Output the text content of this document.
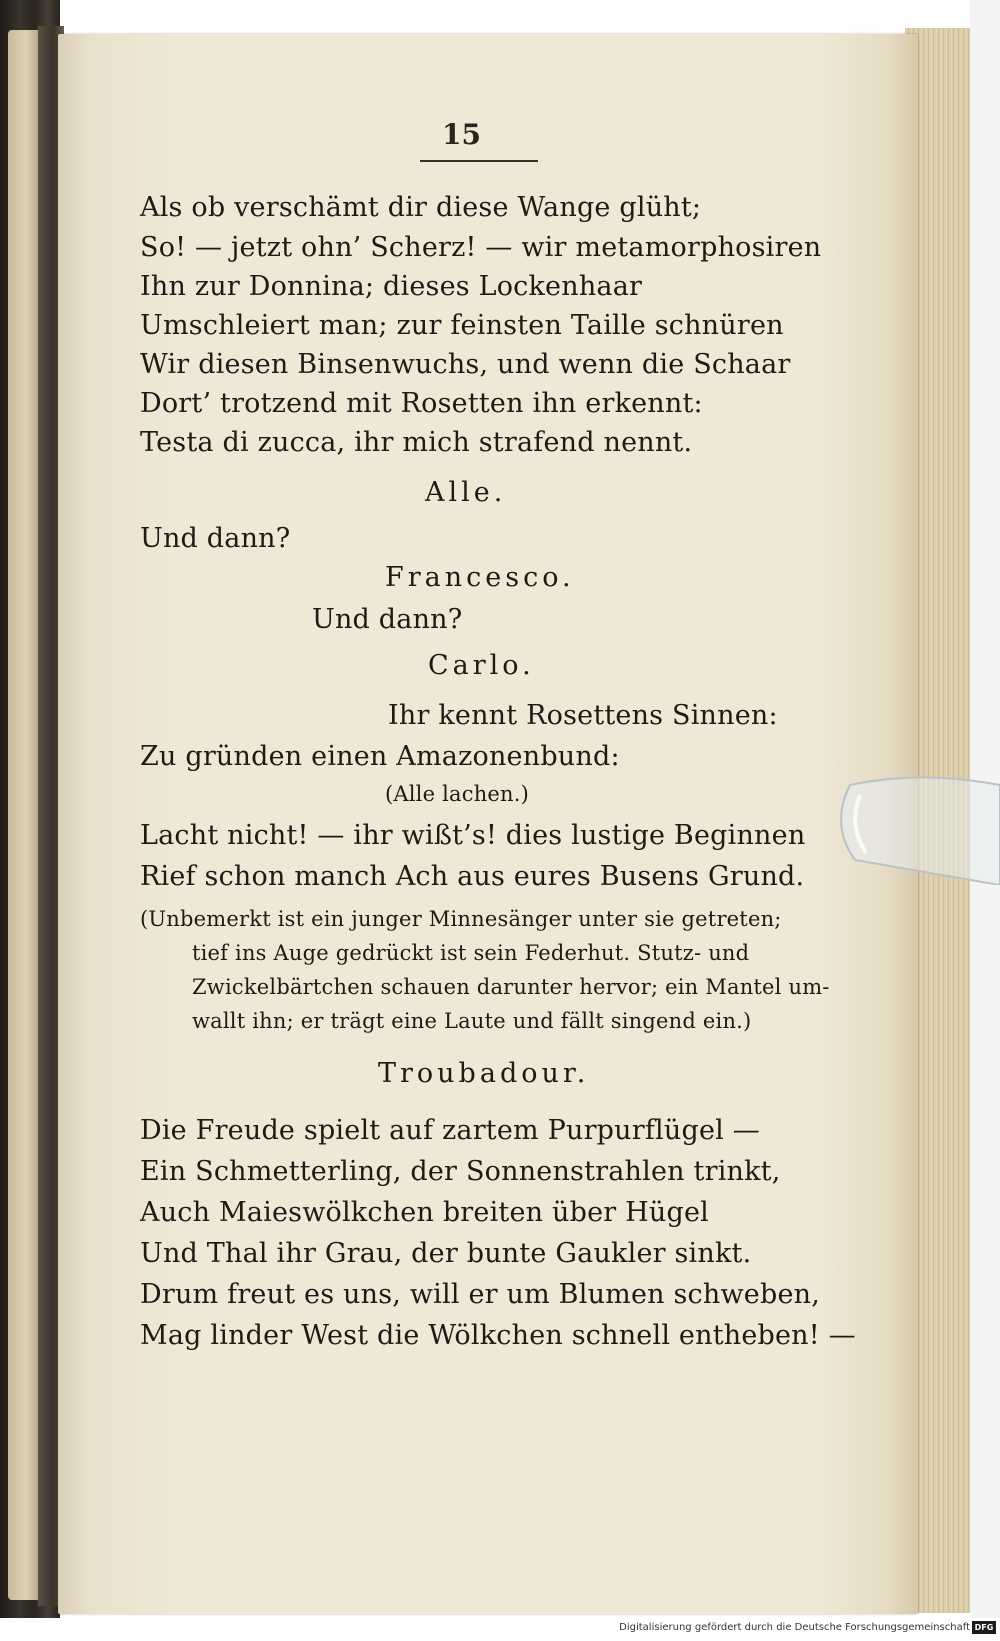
15
Als ob verschämt dir diese Wange glüht;
So! — jetzt ohn’ Scherz! — wir metamorphosiren
Ihn zur Donnina; dieses Lockenhaar
Umschleiert man; zur feinsten Taille schnüren
Wir diesen Binsenwuchs, und wenn die Schaar
Dort’ trotzend mit Rosetten ihn erkennt:
Testa di zucca, ihr mich strafend nennt.
Alle.
Und dann?
Francesco.
Und dann?
Carlo.
Ihr kennt Rosettens Sinnen:
Zu gründen einen Amazonenbund:
(Alle lachen.)
Lacht nicht! — ihr wißt’s! dies lustige Beginnen
Rief schon manch Ach aus eures Busens Grund.
(Unbemerkt ist ein junger Minnesänger unter sie getreten;
tief ins Auge gedrückt ist sein Federhut. Stutz- und
Zwickelbärtchen schauen darunter hervor; ein Mantel um-
wallt ihn; er trägt eine Laute und fällt singend ein.)
Troubadour.
Die Freude spielt auf zartem Purpurflügel —
Ein Schmetterling, der Sonnenstrahlen trinkt,
Auch Maieswölkchen breiten über Hügel
Und Thal ihr Grau, der bunte Gaukler sinkt.
Drum freut es uns, will er um Blumen schweben,
Mag linder West die Wölkchen schnell entheben! —
Digitalisierung gefördert durch die Deutsche Forschungsgemeinschaft DFG
